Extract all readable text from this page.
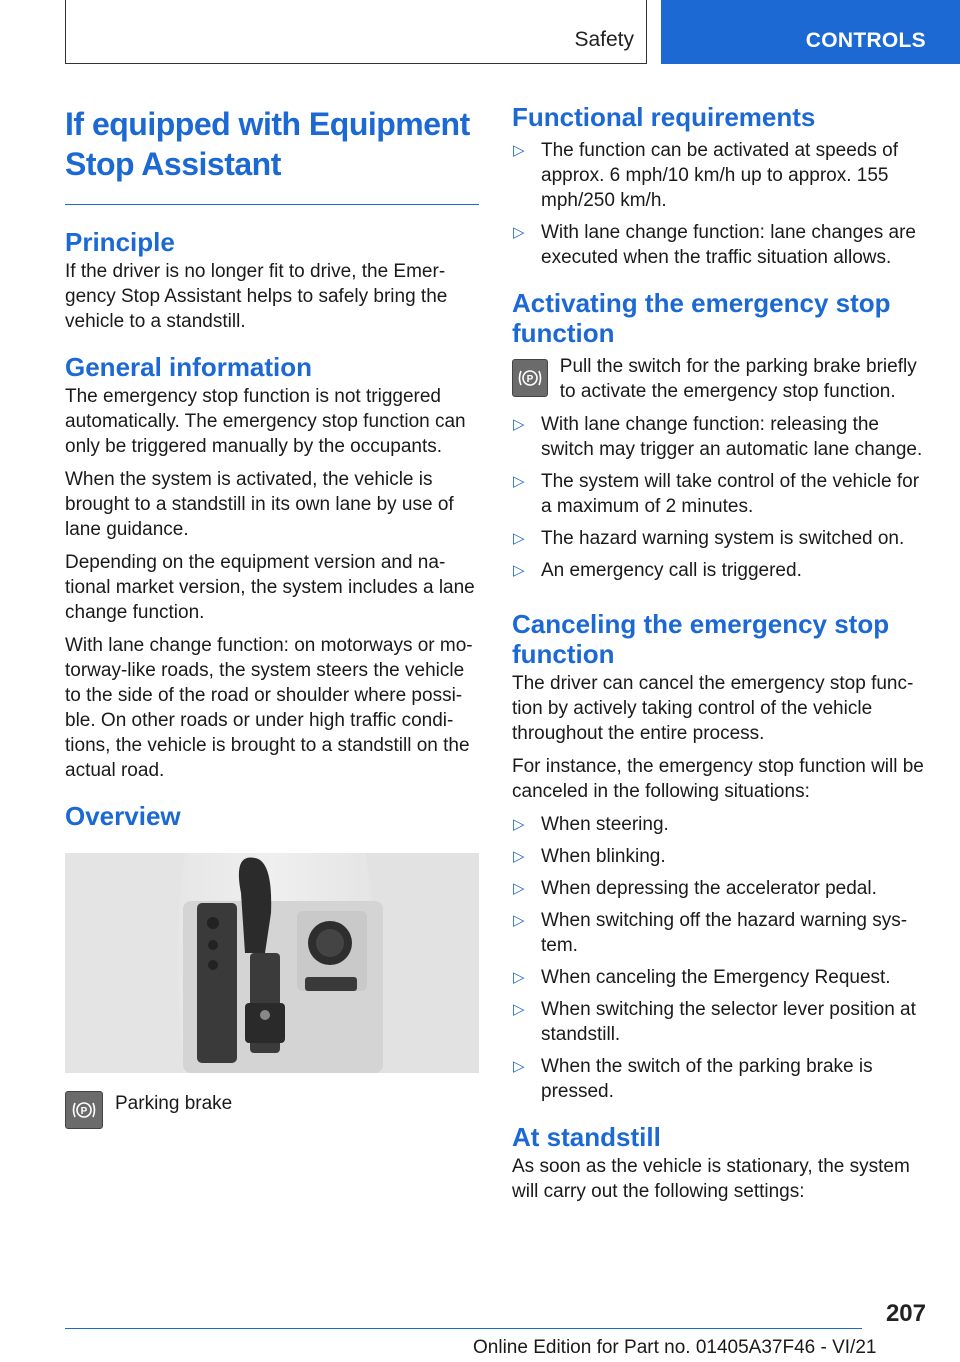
Safety	CONTROLS
If equipped with Equipment Stop Assistant
Principle

If the driver is no longer fit to drive, the Emer‐gency Stop Assistant helps to safely bring the vehicle to a standstill.

General information

The emergency stop function is not triggered automatically. The emergency stop function can only be triggered manually by the occupants.

When the system is activated, the vehicle is brought to a standstill in its own lane by use of lane guidance.

Depending on the equipment version and na‐tional market version, the system includes a lane change function.

With lane change function: on motorways or mo‐torway-like roads, the system steers the vehicle to the side of the road or shoulder where possi‐ble. On other roads or under high traffic condi‐tions, the vehicle is brought to a standstill on the actual road.

Overview
P	Parking brake
Functional requirements
▷ The function can be activated at speeds of approx. 6 mph/10 km/h up to approx. 155 mph/250 km/h.
▷ With lane change function: lane changes are executed when the traffic situation allows.
Activating the emergency stop function
P
Pull the switch for the parking brake briefly to activate the emergency stop function.
▷ With lane change function: releasing the switch may trigger an automatic lane change.
▷ The system will take control of the vehicle for a maximum of 2 minutes.
▷ The hazard warning system is switched on.
▷ An emergency call is triggered.
Canceling the emergency stop function

The driver can cancel the emergency stop func‐tion by actively taking control of the vehicle throughout the entire process.

For instance, the emergency stop function will be canceled in the following situations:

▷ When steering.
▷ When blinking.
▷ When depressing the accelerator pedal.
▷ When switching off the hazard warning sys‐tem.
▷ When canceling the Emergency Request.
▷ When switching the selector lever position at standstill.
▷ When the switch of the parking brake is pressed.
At standstill

As soon as the vehicle is stationary, the system will carry out the following settings:

207
Online Edition for Part no. 01405A37F46 - VI/21
